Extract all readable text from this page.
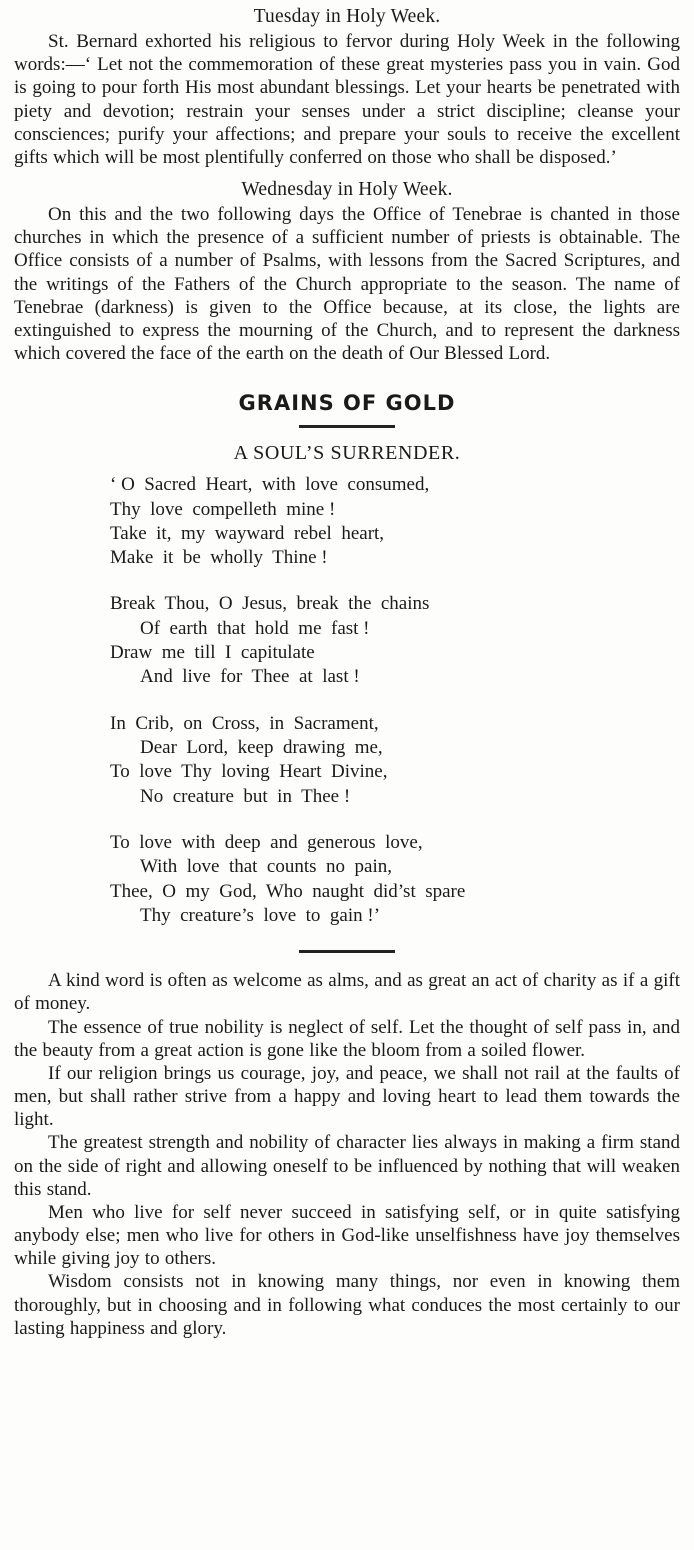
Tuesday in Holy Week.

St. Bernard exhorted his religious to fervor during Holy Week in the following words:—‘ Let not the commemoration of these great mysteries pass you in vain. God is going to pour forth His most abundant blessings. Let your hearts be penetrated with piety and devotion; restrain your senses under a strict discipline; cleanse your consciences; purify your affections; and prepare your souls to receive the excellent gifts which will be most plentifully conferred on those who shall be disposed.’

Wednesday in Holy Week.

On this and the two following days the Office of Tenebrae is chanted in those churches in which the presence of a sufficient number of priests is obtainable. The Office consists of a number of Psalms, with lessons from the Sacred Scriptures, and the writings of the Fathers of the Church appropriate to the season. The name of Tenebrae (darkness) is given to the Office because, at its close, the lights are extinguished to express the mourning of the Church, and to represent the darkness which covered the face of the earth on the death of Our Blessed Lord.

GRAINS OF GOLD
A SOUL’S SURRENDER.
‘ O  Sacred  Heart,  with  love  consumed,
Thy  love  compelleth  mine !
Take  it,  my  wayward  rebel  heart,
Make  it  be  wholly  Thine !
Break  Thou,  O  Jesus,  break  the  chains
Of  earth  that  hold  me  fast !
Draw  me  till  I  capitulate
And  live  for  Thee  at  last !
In  Crib,  on  Cross,  in  Sacrament,
Dear  Lord,  keep  drawing  me,
To  love  Thy  loving  Heart  Divine,
No  creature  but  in  Thee !
To  love  with  deep  and  generous  love,
With  love  that  counts  no  pain,
Thee,  O  my  God,  Who  naught  did’st  spare
Thy  creature’s  love  to  gain !’

A kind word is often as welcome as alms, and as great an act of charity as if a gift of money.

The essence of true nobility is neglect of self. Let the thought of self pass in, and the beauty from a great action is gone like the bloom from a soiled flower.

If our religion brings us courage, joy, and peace, we shall not rail at the faults of men, but shall rather strive from a happy and loving heart to lead them towards the light.

The greatest strength and nobility of character lies always in making a firm stand on the side of right and allowing oneself to be influenced by nothing that will weaken this stand.

Men who live for self never succeed in satisfying self, or in quite satisfying anybody else; men who live for others in God-like unselfishness have joy themselves while giving joy to others.

Wisdom consists not in knowing many things, nor even in knowing them thoroughly, but in choosing and in following what conduces the most certainly to our lasting happiness and glory.
